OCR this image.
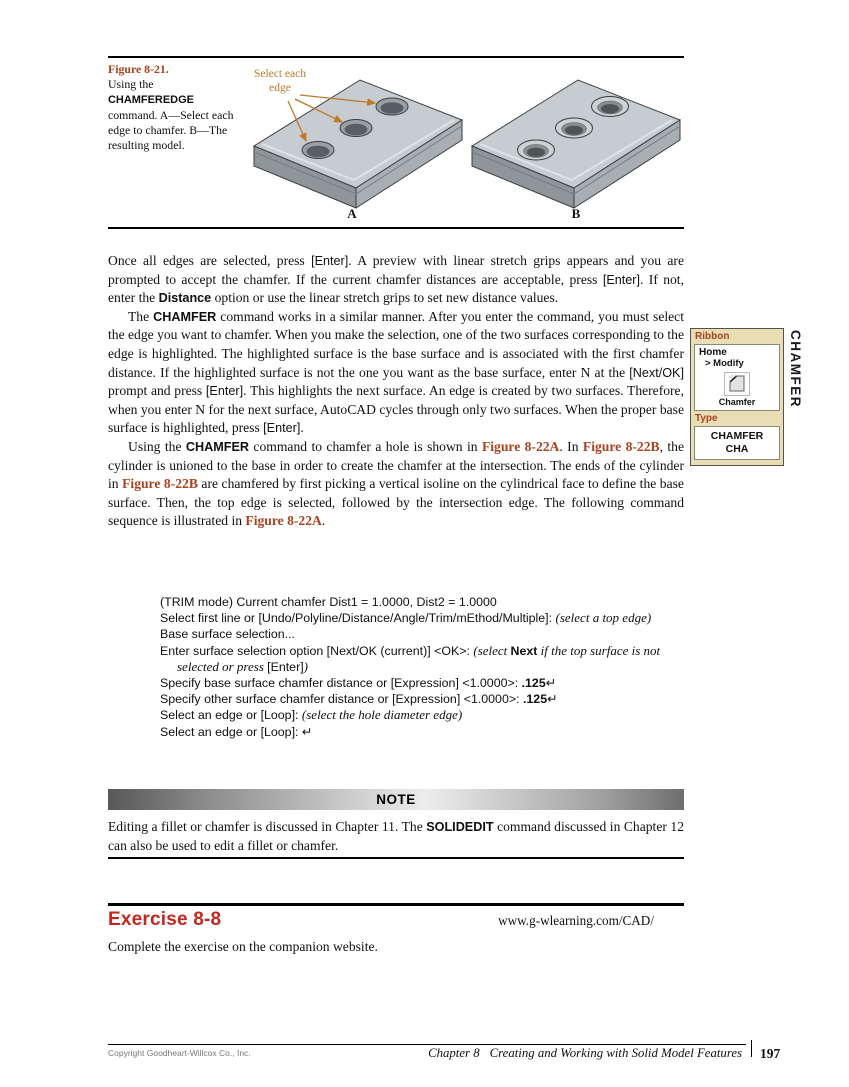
Figure 8-21.
Using the CHAMFEREDGE command. A—Select each edge to chamfer. B—The resulting model.
Select each edge
A	B

Once all edges are selected, press [Enter]. A preview with linear stretch grips appears and you are prompted to accept the chamfer. If the current chamfer distances are acceptable, press [Enter]. If not, enter the Distance option or use the linear stretch grips to set new distance values.

The CHAMFER command works in a similar manner. After you enter the command, you must select the edge you want to chamfer. When you make the selection, one of the two surfaces corresponding to the edge is highlighted. The highlighted surface is the base surface and is associated with the first chamfer distance. If the highlighted surface is not the one you want as the base surface, enter N at the [Next/OK] prompt and press [Enter]. This highlights the next surface. An edge is created by two surfaces. Therefore, when you enter N for the next surface, AutoCAD cycles through only two surfaces. When the proper base surface is highlighted, press [Enter].

Using the CHAMFER command to chamfer a hole is shown in Figure 8-22A. In Figure 8-22B, the cylinder is unioned to the base in order to create the chamfer at the intersection. The ends of the cylinder in Figure 8-22B are chamfered by first picking a vertical isoline on the cylindrical face to define the base surface. Then, the top edge is selected, followed by the intersection edge. The following command sequence is illustrated in Figure 8-22A.

(TRIM mode) Current chamfer Dist1 = 1.0000, Dist2 = 1.0000
Select first line or [Undo/Polyline/Distance/Angle/Trim/mEthod/Multiple]: (select a top edge)
Base surface selection...
Enter surface selection option [Next/OK (current)] <OK>: (select Next if the top surface is not selected or press [Enter])
Specify base surface chamfer distance or [Expression] <1.0000>: .125↵
Specify other surface chamfer distance or [Expression] <1.0000>: .125↵
Select an edge or [Loop]: (select the hole diameter edge)
Select an edge or [Loop]: ↵
NOTE
Editing a fillet or chamfer is discussed in Chapter 11. The SOLIDEDIT command discussed in Chapter 12 can also be used to edit a fillet or chamfer.
Exercise 8-8	www.g-wlearning.com/CAD/
Complete the exercise on the companion website.
Ribbon
Home
> Modify
Chamfer
Type
CHAMFER
CHA
CHAMFER
Copyright Goodheart-Willcox Co., Inc.	Chapter 8 Creating and Working with Solid Model Features 197
